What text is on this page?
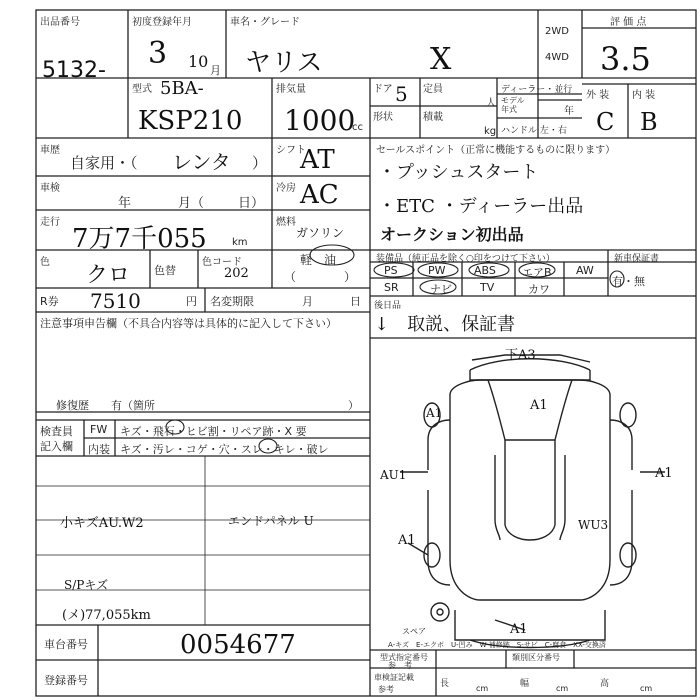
出品番号
5132-
初度登録年月
3 10 月
車名・グレード
ヤリス	X
2WD
4WD
評 価 点
3.5
外 装 内 装
C B
型式 5BA-
KSP210
排気量
1000
cc
ドア 5 定員
人
形状	積載
kg
ディーラー・並行
モデル
年式	年
ハンドル 左・右
車歴
自家用・（ レンタ ）
シフト
AT
車検
年	月（	日）
冷房 AC
走行
7万7千055	km
燃料
ガソリン
軽　油
（　　　　）
色
クロ 色替
色コード
202
R券 7510	円 名変期限	月	日
セールスポイント（正常に機能するものに限ります）
・プッシュスタート
・ETC ・ディーラー出品
オークション初出品
装備品（純正品を除く○印をつけて下さい）
PS	PW	ABS エアB AW
SR	ナビ	TV	カワ
新車保証書
有・無
後日品
↓　取説、保証書
下A3
A1
AU1	A1
A1
A1
WU3
A1
スペア
A-キズ　E-エクボ　U-凹み　W-補修跡　S-サビ　C-腐食　XX-交換済
注意事項申告欄（不具合内容等は具体的に記入して下さい）
修復歴　　有（箇所	）
検査員
記入欄
FW キズ・飛石・ヒビ割・リペア跡・X 要
内装 キズ・汚レ・コゲ・穴・スレ・キレ・破レ
小キズAU.W2	エンドパネル U
S/Pキズ
(メ)77,055km
車台番号	0054677
登録番号
型式指定番号
参　考
類別区分番号
車検証記載
参考
長	cm	幅	cm	高	cm
